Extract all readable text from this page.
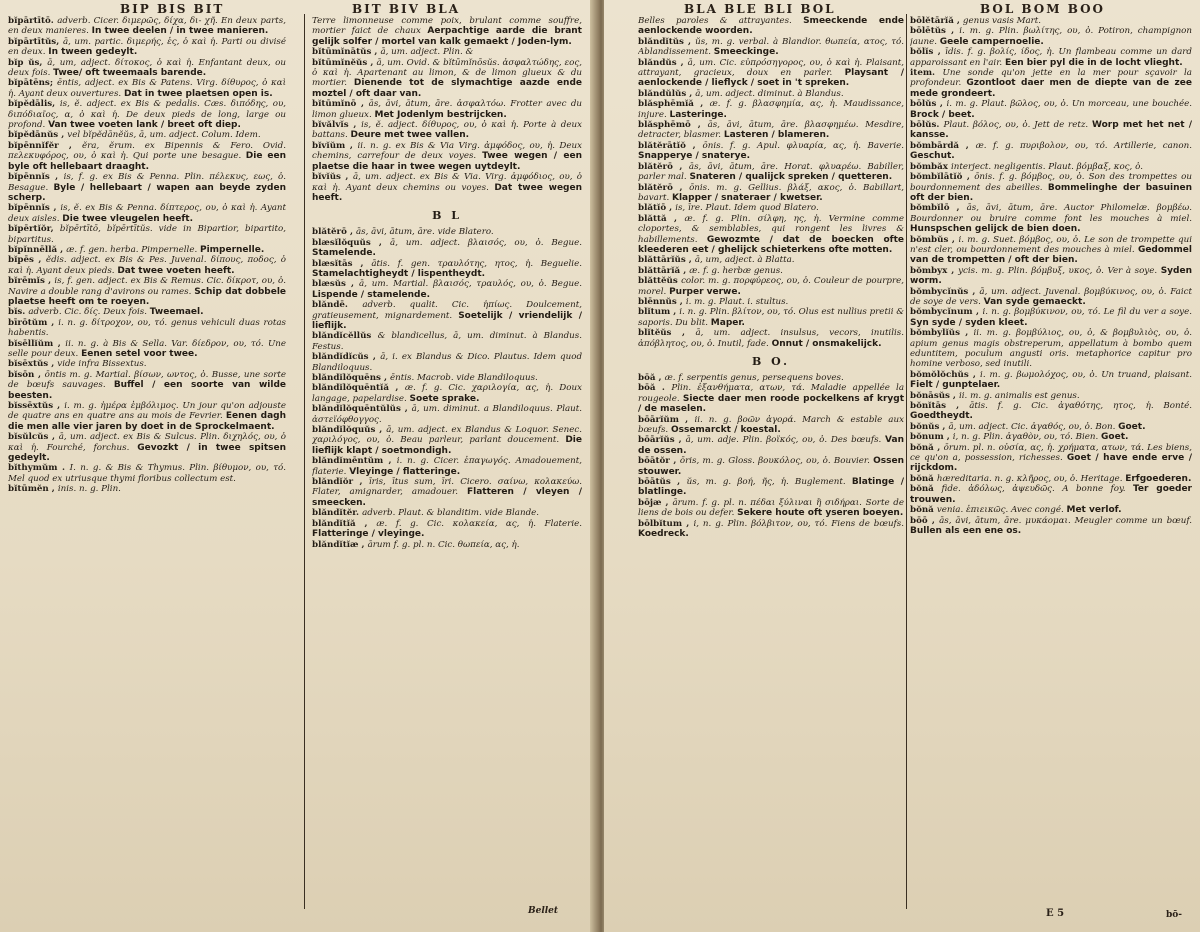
BIP BIS BIT	BIT BIV BLA
bĭpārtītō. adverb. Cicer. διμερῶς, δίχα, δι- χῆ. En deux parts, en deux manieres. In twee deelen / in twee manieren.
bĭpārtītŭs, ā, um. partic. διμερής, ἑς, ὁ καὶ ἡ. Parti ou divisé en deux. In tween gedeylt.
bĭp ŭs, ā, um, adject. δίτοκος, ὁ καὶ ἡ. Enfantant deux, ou deux fois. Twee/ oft tweemaals barende.
bĭpātēns; ēntis, adject. ex Bis & Patens. Virg. δίθυρος, ὁ καὶ ἡ. Ayant deux ouvertures. Dat in twee plaetsen open is.
bĭpĕdālis, is, ĕ. adject. ex Bis & pedalis. Cæs. διπόδης, ου, διπόδιαῖος, α, ὁ καὶ ἡ. De deux pieds de long, large ou profond. Van twee voeten lank / breet oft diep.
bĭpĕdānŭs , vel bĭpĕdānĕŭs, ā, um. adject. Colum. Idem.
bĭpēnnĭfĕr , ĕra, ĕrum. ex Bipennis & Fero. Ovid. πελεκυφόρος, ου, ὁ καὶ ἡ. Qui porte une besague. Die een byle oft hellebaart draaght.
bĭpēnnĭs , is, f. g. ex Bis & Penna. Plin. πέλεκυς, εως, ὁ. Besague. Byle / hellebaart / wapen aan beyde zyden scherp.
bĭpēnnĭs , is, ĕ. ex Bis & Penna. δίπτερος, ου, ὁ καὶ ἡ. Ayant deux aisles. Die twee vleugelen heeft.
bĭpērtĭŏr, bĭpērtītō, bĭpērtītŭs. vide in Bipartior, bipartito, bipartitus.
bĭpĭnnēllă , æ. f. gen. herba. Pimpernelle. Pimpernelle.
bĭpēs , ĕdis. adject. ex Bis & Pes. Juvenal. δίπους, ποδος, ὁ καὶ ἡ. Ayant deux pieds. Dat twee voeten heeft.
bĭrēmĭs , is, f. gen. adject. ex Bis & Remus. Cic. δίκροτ, ου, ὁ. Navire a double rang d'avirons ou rames. Schip dat dobbele plaetse heeft om te roeyen.
bĭs. adverb. Cic. δίς. Deux fois. Tweemael.
bīrōtŭm , i. n. g. δίτροχον, ου, τό. genus vehiculi duas rotas habentis.
bĭsēllĭŭm , ii. n. g. à Bis & Sella. Var. δίεδρον, ου, τό. Une selle pour deux. Eenen setel voor twee.
bĭsēxtŭs , vide infra Bissextus.
bĭsōn , ōntis m. g. Martial. βίσων, ωντος, ὁ. Busse, une sorte de bœufs sauvages. Buffel / een soorte van wilde beesten.
bĭssēxtŭs , i. m. g. ἡμέρα ἐμβόλιμος. Un jour qu'on adjouste de quatre ans en quatre ans au mois de Fevrier. Eenen dagh die men alle vier jaren by doet in de Sprockelmaent.
bĭsŭlcŭs , ā, um. adject. ex Bis & Sulcus. Plin. διχηλός, ου, ὁ καὶ ἡ. Fourché, forchus. Gevozkt / in twee spitsen gedeylt.
bĭthymŭm . I. n. g. & Bis & Thymus. Plin. βίθυμον, ου, τό. Mel quod ex utriusque thymi floribus collectum est.
bĭtūmĕn , inis. n. g. Plin.
Terre limonneuse comme poix, brulant comme souffre, mortier faict de chaux Aerpachtige aarde die brant gelijk solfer / mortel van kalk gemaekt / Joden-lym.
bĭtūmĭnātŭs , ā, um. adject. Plin. &
bĭtūmĭnĕŭs , ā, um. Ovid. & bĭtūmĭnōsŭs. ἀσφαλτώδης, εος, ὁ καὶ ἡ. Apartenant au limon, & de limon glueux & du mortier. Dienende tot de slymachtige aazde ende moztel / oft daar van.
bĭtūmĭnō , ās, āvi, ātum, āre. ἀσφαλτόω. Frotter avec du limon glueux. Met Jodenlym bestrijcken.
bĭvălvĭs , is, ĕ. adject. δίθυρος, ου, ὁ καὶ ἡ. Porte à deux battans. Deure met twee vallen.
bĭvĭŭm , ii. n. g. ex Bis & Via Virg. ἀμφόδος, ου, ἡ. Deux chemins, carrefour de deux voyes. Twee wegen / een plaetse die haar in twee wegen uytdeylt.
bĭvĭŭs , ā, um. adject. ex Bis & Via. Virg. ἀμφόδιος, ου, ὁ καὶ ἡ. Ayant deux chemins ou voyes. Dat twee wegen heeft.
B L
blătĕrō , ās, āvi, ātum, āre. vide Blatero.
blæsĭlŏquŭs , ā, um. adject. βλαισός, ου, ὁ. Begue. Stamelende.
blæsĭtās , ātis. f. gen. τραυλότης, ητος, ἡ. Beguelie. Stamelachtigheydt / lispentheydt.
blæsŭs , ā, um. Martial. βλαισός, τραυλός, ου, ὁ. Begue. Lispende / stamelende.
blăndē. adverb. qualit. Cic. ἡπίως. Doulcement, gratieusement, mignardement. Soetelijk / vriendelijk / lieflijk.
blăndĭcĕllŭs & blandicellus, ā, um. diminut. à Blandus. Festus.
blăndĭdĭcŭs , ā, i. ex Blandus & Dico. Plautus. Idem quod Blandiloquus.
blăndĭlŏquēns , ēntis. Macrob. vide Blandiloquus.
blăndĭlŏquēntĭă , æ. f. g. Cic. χαριλογία, ας, ἡ. Doux langage, papelardise. Soete sprake.
blăndĭlŏquēntŭlŭs , ā, um. diminut. a Blandiloquus. Plaut. ἀστεϊόφθογγος.
blăndĭlŏquŭs , ā, um. adject. ex Blandus & Loquor. Senec. χαριλόγος, ου, ὁ. Beau parleur, parlant doucement. Die lieflijk klapt / soetmondigh.
blăndĭmēntŭm , i. n. g. Cicer. ἐπαγωγός. Amadouement, flaterie. Vleyinge / flatteringe.
blăndĭŏr , īris, ītus sum, īri. Cicero. σαίνω, κολακεύω. Flater, amignarder, amadouer. Flatteren / vleyen / smeecken.
blăndĭtĕr. adverb. Plaut. & blanditim. vide Blande.
blăndĭtĭă , æ. f. g. Cic. κολακεία, ας, ἡ. Flaterie. Flatteringe / vleyinge.
blăndĭtĭæ , ārum f. g. pl. n. Cic. θωπεία, ας, ἡ.
Bellet
BLA BLE BLI BOL	BOL BOM BOO
Belles paroles & attrayantes. Smeeckende ende aenlockende woorden.
blăndĭtŭs , ŭs, m. g. verbal. à Blandior. θωπεία, ατος, τό. Ablandissement. Smeeckinge.
blăndŭs , ā, um. Cic. εὐπρόσηγορος, ου, ὁ καὶ ἡ. Plaisant, attrayant, gracieux, doux en parler. Playsant / aenlockende / lieflyck / soet in 't spreken.
blăndŭlŭs , ā, um. adject. diminut. à Blandus.
blăsphēmĭă , æ. f. g. βλασφημία, ας, ἡ. Maudissance, injure. Lasteringe.
blăsphēmō , ās, āvi, ātum, āre. βλασφημέω. Mesdire, detracter, blasmer. Lasteren / blameren.
blătĕrātĭŏ , ōnis. f. g. Apul. φλυαρία, ας, ἡ. Baverie. Snapperye / snaterye.
blătĕrō , ās, āvi, ātum, āre. Horat. φλυαρέω. Babiller, parler mal. Snateren / qualijck spreken / quetteren.
blătĕrō , ōnis. m. g. Gellius. βλάξ, ακος, ὁ. Babillart, bavart. Klapper / snateraer / kwetser.
blătĭō , is, īre. Plaut. Idem quod Blatero.
blăttă , æ. f. g. Plin. σίλφη, ης, ἡ. Vermine comme cloportes, & semblables, qui rongent les livres & habillements. Gewozmte / dat de boecken ofte kleederen eet / ghelijck schieterkens ofte motten.
blăttārĭŭs , ā, um, adject. à Blatta.
blăttārĭă , æ. f. g. herbæ genus.
blăttĕŭs color. m. g. πορφύρεος, ου, ὁ. Couleur de pourpre, morel. Purper verwe.
blēnnŭs , i. m. g. Plaut. i. stultus.
blĭtum , i. n. g. Plin. βλίτον, ου, τό. Olus est nullius pretii & saporis. Du blit. Maper.
blĭtĕŭs , ā, um. adject. insulsus, vecors, inutilis. ἀπόβλητος, ου, ὁ. Inutil, fade. Onnut / onsmakelijck.
B O.
bōă , æ. f. serpentis genus, persequens boves.
bōă . Plin. ἐξανθήματα, ατων, τά. Maladie appellée la rougeole. Siecte daer men roode pockelkens af krygt / de maselen.
bōārĭŭm , ii. n. g. βοῶν ἀγορά. March & estable aux bœufs. Ossemarckt / koestal.
bōārĭŭs , ā, um. adje. Plin. βοϊκός, ου, ὁ. Des bœufs. Van de ossen.
bōātŏr , ōris, m. g. Gloss. βουκόλος, ου, ὁ. Bouvier. Ossen stouwer.
bōātŭs , ŭs, m. g. βοή, ῆς, ἡ. Buglement. Blatinge / blatlinge.
bōjæ , ārum. f. g. pl. n. πέδαι ξύλιναι ἢ σιδήραι. Sorte de liens de bois ou defer. Sekere houte oft yseren boeyen.
bōlbĭtum , i, n. g. Plin. βόλβιτον, ου, τό. Fiens de bœufs. Koedreck.
bōlĕtārĭă , genus vasis Mart.
bōlētŭs , i. m. g. Plin. βωλίτης, ου, ὁ. Potiron, champignon jaune. Geele campernoelie.
bŏlĭs , īdis. f. g. βολίς, ίδος, ἡ. Un flambeau comme un dard apparoissant en l'air. Een bier pyl die in de locht vlieght.
item. Une sonde qu'on jette en la mer pour sçavoir la profondeur. Gzontloot daer men de diepte van de zee mede grondeert.
bōlŭs , i. m. g. Plaut. βῶλος, ου, ὁ. Un morceau, une bouchée. Brock / beet.
bōlŭs. Plaut. βόλος, ου, ὁ. Jett de retz. Worp met het net / kansse.
bŏmbārdă , æ. f. g. πυριβολον, ου, τό. Artillerie, canon. Geschut.
bŏmbăx interject. negligentis. Plaut. βόμβαξ, κος, ὁ.
bŏmbĭlātĭŏ , ōnis. f. g. βόμβος, ου, ὁ. Son des trompettes ou bourdonnement des abeilles. Bommelinghe der basuinen oft der bien.
bŏmbĭlō , ās, āvi, ātum, āre. Auctor Philomelæ. βομβέω. Bourdonner ou bruire comme font les mouches à miel. Hunspschen gelijck de bien doen.
bŏmbŭs , i. m. g. Suet. βόμβος, ου, ὁ. Le son de trompette qui n'est cler, ou bourdonnement des mouches à miel. Gedommel van de trompetten / oft der bien.
bŏmbyx , ycis. m. g. Plin. βόμβυξ, υκος, ὁ. Ver à soye. Syden worm.
bŏmbycĭnŭs , ā, um. adject. Juvenal. βομβύκινος, ου, ὁ. Faict de soye de vers. Van syde gemaeckt.
bŏmbycĭnum , i. n. g. βομβύκινον, ου, τό. Le fil du ver a soye. Syn syde / syden kleet.
bŏmbylĭŭs , ii. m. g. βομβύλιος, ου, ὁ, & βομβυλιὸς, ου, ὁ. apium genus magis obstreperum, appellatum à bombo quem eduntitem, poculum angusti oris. metaphorice capitur pro homine verboso, sed inutili.
bŏmŏlŏchŭs , i. m. g. βωμολόχος, ου, ὁ. Un truand, plaisant. Fielt / gunptelaer.
bŏnāsŭs , ii. m. g. animalis est genus.
bŏnĭtās , ātis. f. g. Cic. ἀγαθότης, ητος, ἡ. Bonté. Goedtheydt.
bŏnŭs , ā, um. adject. Cic. ἀγαθός, ου, ὁ. Bon. Goet.
bŏnum , i, n. g. Plin. ἀγαθὸν, ου, τό. Bien. Goet.
bŏnă , ōrum. pl. n. οὐσία, ας, ἡ. χρήματα, ατων, τά. Les biens, ce qu'on a, possession, richesses. Goet / have ende erve / rijckdom.
bŏnă hæreditaria. n. g. κλῆρος, ου, ὁ. Heritage. Erfgoederen.
bŏnă fide. ἀδόλως, ἀψευδῶς. A bonne foy. Ter goeder trouwen.
bŏnă venia. ἐπιεικῶς. Avec congé. Met verlof.
bōō , ās, āvi, ātum, āre. μυκάομαι. Meugler comme un bœuf. Bullen als een ene os.
E 5	bō-
